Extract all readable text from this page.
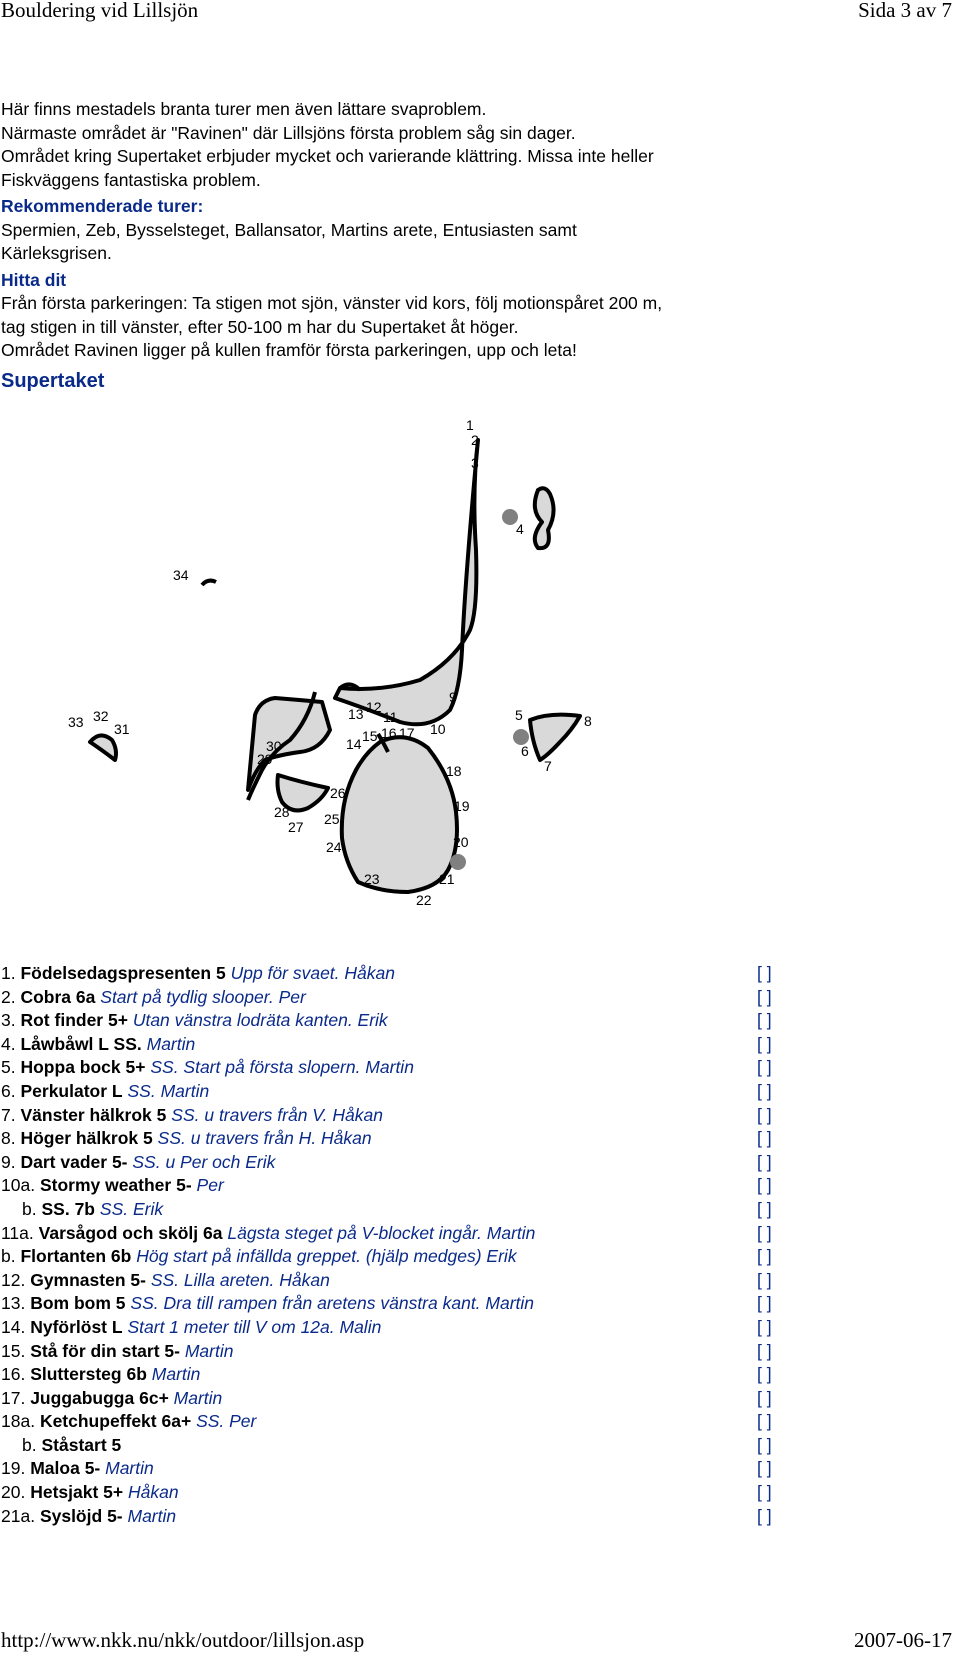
Bouldering vid Lillsjön	Sida 3 av 7

Här finns mestadels branta turer men även lättare svaproblem.

Närmaste området är "Ravinen" där Lillsjöns första problem såg sin dager.

Området kring Supertaket erbjuder mycket och varierande klättring. Missa inte heller

Fiskväggens fantastiska problem.

Rekommenderade turer:

Spermien, Zeb, Bysselsteget, Ballansator, Martins arete, Entusiasten samt

Kärleksgrisen.

Hitta dit

Från första parkeringen: Ta stigen mot sjön, vänster vid kors, följ motionspåret 200 m,

tag stigen in till vänster, efter 50-100 m har du Supertaket åt höger.

Området Ravinen ligger på kullen framför första parkeringen, upp och leta!

Supertaket

1
2
3
4
5
6
7
8
9
10
11
12
13
14 15 16 17
18
19
20
21
22
23
24
25
26
27
28
29
30
31
32
33
34
1. Födelsedagspresenten 5 Upp för svaet. Håkan	[ ]
2. Cobra 6a Start på tydlig slooper. Per	[ ]
3. Rot finder 5+ Utan vänstra lodräta kanten. Erik	[ ]
4. Låwbåwl L SS. Martin	[ ]
5. Hoppa bock 5+ SS. Start på första slopern. Martin	[ ]
6. Perkulator L SS. Martin	[ ]
7. Vänster hälkrok 5 SS. u travers från V. Håkan	[ ]
8. Höger hälkrok 5 SS. u travers från H. Håkan	[ ]
9. Dart vader 5- SS. u Per och Erik	[ ]
10a. Stormy weather 5- Per	[ ]
b. SS. 7b SS. Erik	[ ]
11a. Varsågod och skölj 6a Lägsta steget på V-blocket ingår. Martin	[ ]
b. Flortanten 6b Hög start på infällda greppet. (hjälp medges) Erik	[ ]
12. Gymnasten 5- SS. Lilla areten. Håkan	[ ]
13. Bom bom 5 SS. Dra till rampen från aretens vänstra kant. Martin	[ ]
14. Nyförlöst L Start 1 meter till V om 12a. Malin	[ ]
15. Stå för din start 5- Martin	[ ]
16. Sluttersteg 6b Martin	[ ]
17. Juggabugga 6c+ Martin	[ ]
18a. Ketchupeffekt 6a+ SS. Per	[ ]
b. Ståstart 5	[ ]
19. Maloa 5- Martin	[ ]
20. Hetsjakt 5+ Håkan	[ ]
21a. Syslöjd 5- Martin	[ ]
http://www.nkk.nu/nkk/outdoor/lillsjon.asp	2007-06-17
